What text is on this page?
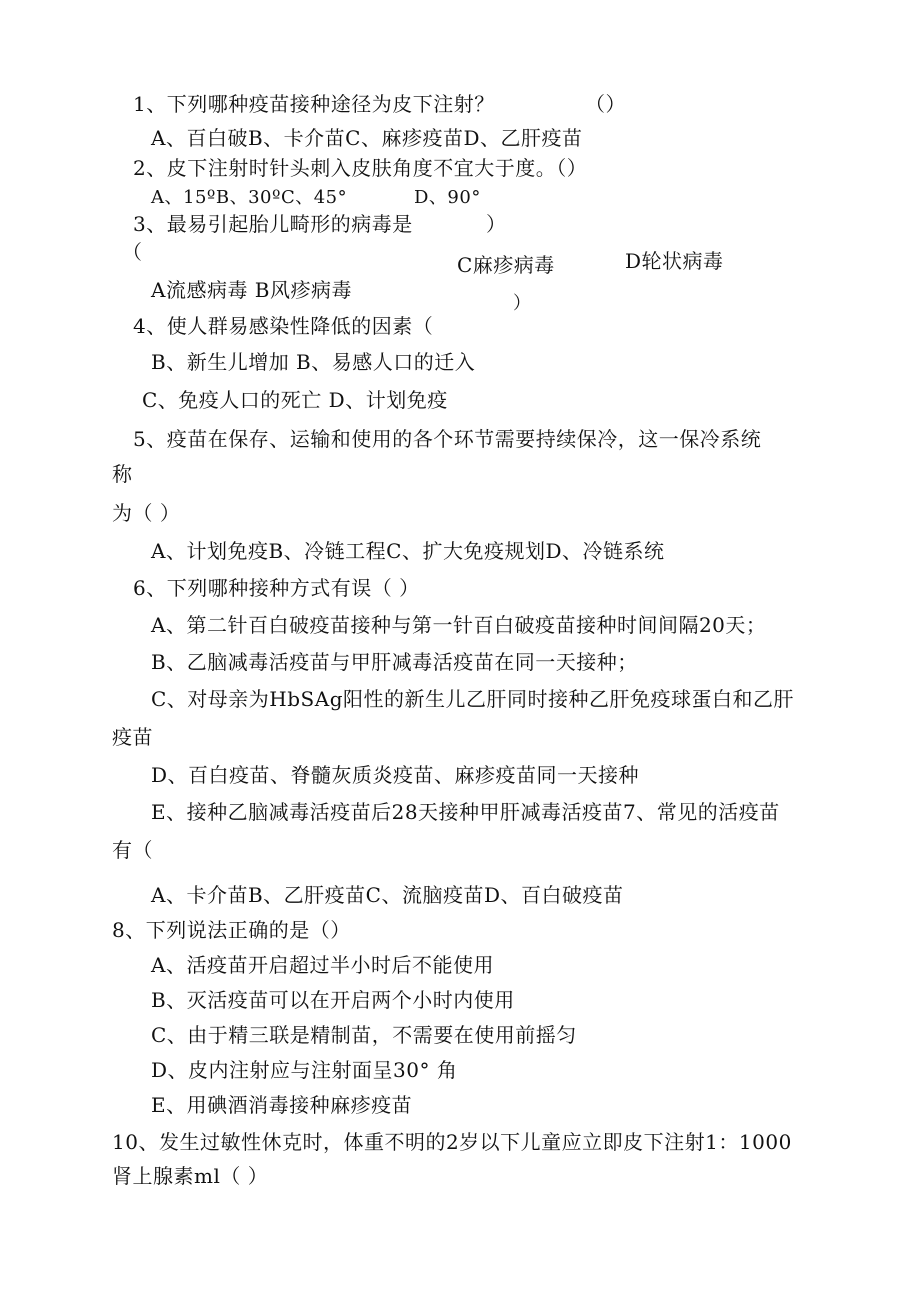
1、下列哪种疫苗接种途径为皮下注射？	（）
A、百白破B、卡介苗C、麻疹疫苗D、乙肝疫苗
2、皮下注射时针头刺入皮肤角度不宜大于度。（）
A、15ºB、30ºC、45°	D、90°
3、最易引起胎儿畸形的病毒是	）
（
C麻疹病毒	D轮状病毒
A流感病毒 B风疹病毒
）
4、使人群易感染性降低的因素（
B、新生儿增加 B、易感人口的迁入
C、免疫人口的死亡 D、计划免疫
5、疫苗在保存、运输和使用的各个环节需要持续保冷，这一保冷系统
称
为（ ）
A、计划免疫B、冷链工程C、扩大免疫规划D、冷链系统
6、下列哪种接种方式有误（ ）
A、第二针百白破疫苗接种与第一针百白破疫苗接种时间间隔20天；
B、乙脑减毒活疫苗与甲肝减毒活疫苗在同一天接种；
C、对母亲为HbSAg阳性的新生儿乙肝同时接种乙肝免疫球蛋白和乙肝
疫苗
D、百白疫苗、脊髓灰质炎疫苗、麻疹疫苗同一天接种
E、接种乙脑减毒活疫苗后28天接种甲肝减毒活疫苗7、常见的活疫苗
有（
A、卡介苗B、乙肝疫苗C、流脑疫苗D、百白破疫苗
8、下列说法正确的是（）
A、活疫苗开启超过半小时后不能使用
B、灭活疫苗可以在开启两个小时内使用
C、由于精三联是精制苗，不需要在使用前摇匀
D、皮内注射应与注射面呈30° 角
E、用碘酒消毒接种麻疹疫苗
10、发生过敏性休克时，体重不明的2岁以下儿童应立即皮下注射1：1000
肾上腺素ml（ ）
